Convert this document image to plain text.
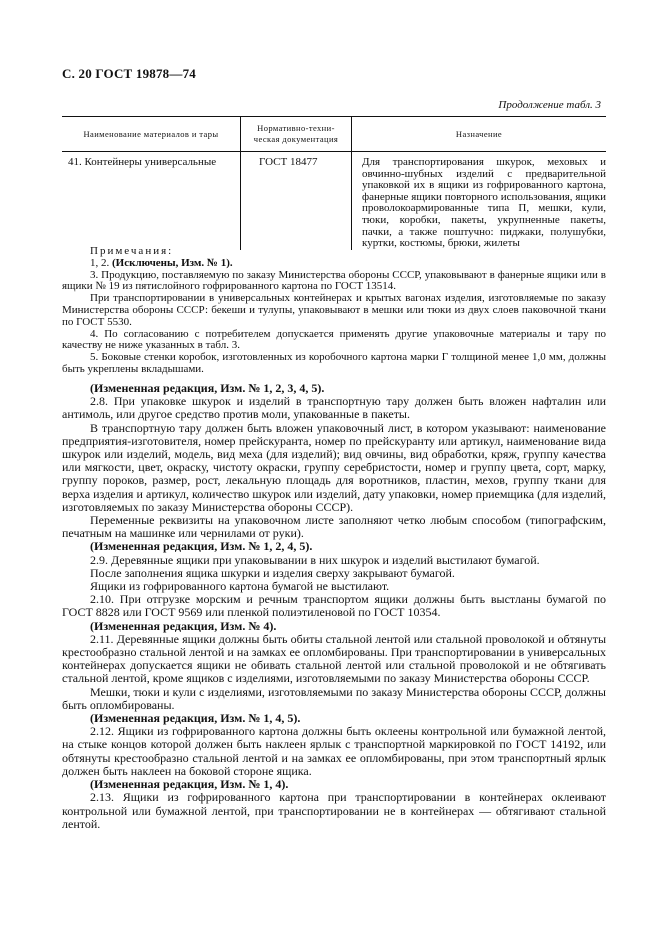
С. 20 ГОСТ 19878—74
Продолжение табл. 3
Наименование материалов и тары	Нормативно-техни-ческая документация	Назначение
41. Контейнеры универсальные	ГОСТ 18477	Для транспортирования шкурок, меховых и овчинно-шубных изделий с предварительной упаковкой их в ящики из гофрированного картона, фанерные ящики повторного использования, ящики проволокоармированные типа П, мешки, кули, тюки, коробки, пакеты, укрупненные пакеты, пачки, а также поштучно: пиджаки, полушубки, куртки, костюмы, брюки, жилеты

Примечания:

1, 2. (Исключены, Изм. № 1).

3. Продукцию, поставляемую по заказу Министерства обороны СССР, упаковывают в фанерные ящики или в ящики № 19 из пятислойного гофрированного картона по ГОСТ 13514.

При транспортировании в универсальных контейнерах и крытых вагонах изделия, изготовляемые по заказу Министерства обороны СССР: бекеши и тулупы, упаковывают в мешки или тюки из двух слоев паковочной ткани по ГОСТ 5530.

4. По согласованию с потребителем допускается применять другие упаковочные материалы и тару по качеству не ниже указанных в табл. 3.

5. Боковые стенки коробок, изготовленных из коробочного картона марки Г толщиной менее 1,0 мм, должны быть укреплены вкладышами.

(Измененная редакция, Изм. № 1, 2, 3, 4, 5).

2.8. При упаковке шкурок и изделий в транспортную тару должен быть вложен нафталин или антимоль, или другое средство против моли, упакованные в пакеты.

В транспортную тару должен быть вложен упаковочный лист, в котором указывают: наименование предприятия-изготовителя, номер прейскуранта, номер по прейскуранту или артикул, наименование вида шкурок или изделий, модель, вид меха (для изделий); вид овчины, вид обработки, кряж, группу качества или мягкости, цвет, окраску, чистоту окраски, группу серебристости, номер и группу цвета, сорт, марку, группу пороков, размер, рост, лекальную площадь для воротников, пластин, мехов, группу ткани для верха изделия и артикул, количество шкурок или изделий, дату упаковки, номер приемщика (для изделий, изготовляемых по заказу Министерства обороны СССР).

Переменные реквизиты на упаковочном листе заполняют четко любым способом (типографским, печатным на машинке или чернилами от руки).

(Измененная редакция, Изм. № 1, 2, 4, 5).

2.9. Деревянные ящики при упаковывании в них шкурок и изделий выстилают бумагой.

После заполнения ящика шкурки и изделия сверху закрывают бумагой.

Ящики из гофрированного картона бумагой не выстилают.

2.10. При отгрузке морским и речным транспортом ящики должны быть выстланы бумагой по ГОСТ 8828 или ГОСТ 9569 или пленкой полиэтиленовой по ГОСТ 10354.

(Измененная редакция, Изм. № 4).

2.11. Деревянные ящики должны быть обиты стальной лентой или стальной проволокой и обтянуты крестообразно стальной лентой и на замках ее опломбированы. При транспортировании в универсальных контейнерах допускается ящики не обивать стальной лентой или стальной проволокой и не обтягивать стальной лентой, кроме ящиков с изделиями, изготовляемыми по заказу Министерства обороны СССР.

Мешки, тюки и кули с изделиями, изготовляемыми по заказу Министерства обороны СССР, должны быть опломбированы.

(Измененная редакция, Изм. № 1, 4, 5).

2.12. Ящики из гофрированного картона должны быть оклеены контрольной или бумажной лентой, на стыке концов которой должен быть наклеен ярлык с транспортной маркировкой по ГОСТ 14192, или обтянуты крестообразно стальной лентой и на замках ее опломбированы, при этом транспортный ярлык должен быть наклеен на боковой стороне ящика.

(Измененная редакция, Изм. № 1, 4).

2.13. Ящики из гофрированного картона при транспортировании в контейнерах оклеивают контрольной или бумажной лентой, при транспортировании не в контейнерах — обтягивают стальной лентой.
